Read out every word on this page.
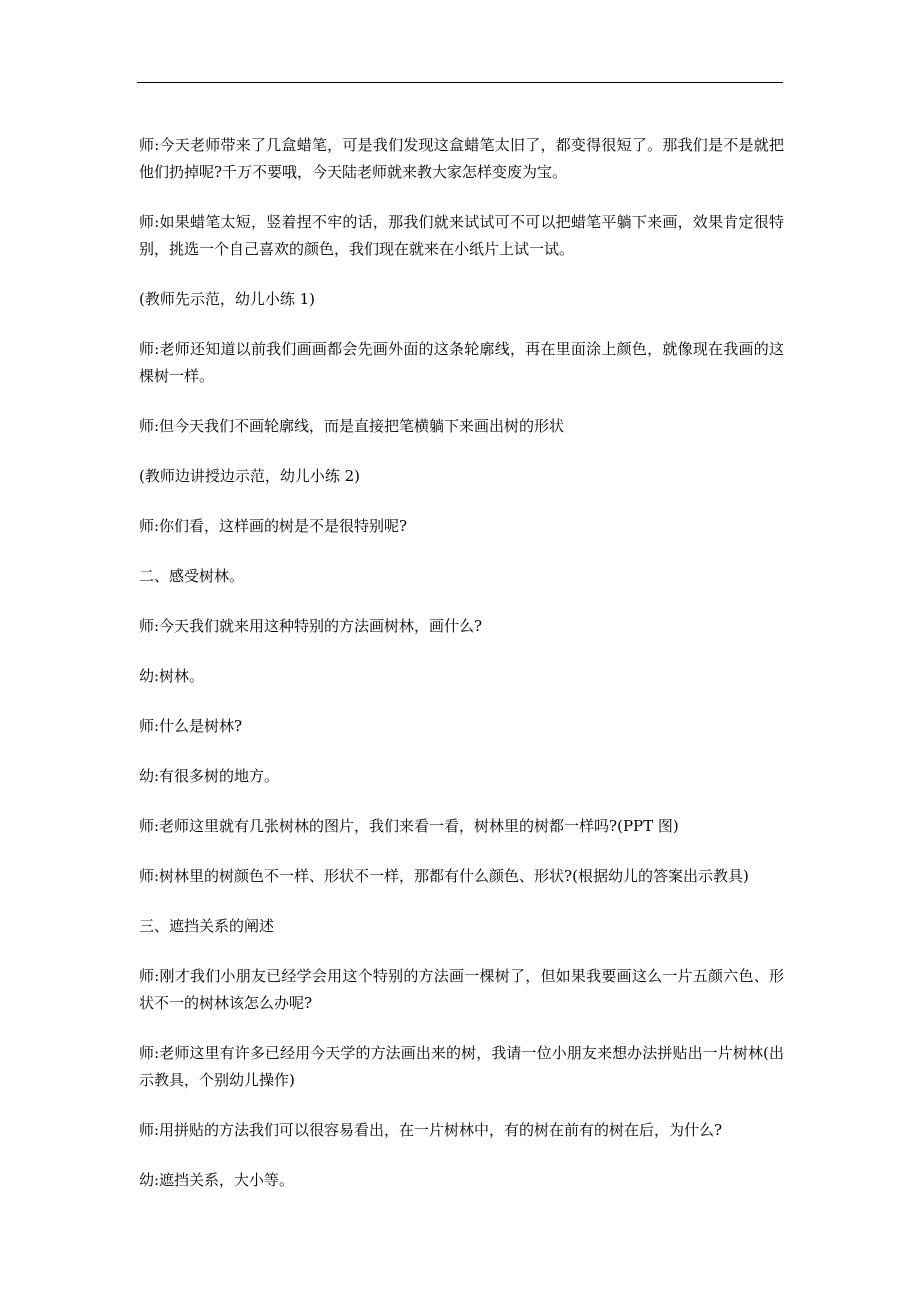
师:今天老师带来了几盒蜡笔，可是我们发现这盒蜡笔太旧了，都变得很短了。那我们是不是就把他们扔掉呢?千万不要哦，今天陆老师就来教大家怎样变废为宝。

师:如果蜡笔太短，竖着捏不牢的话，那我们就来试试可不可以把蜡笔平躺下来画，效果肯定很特别，挑选一个自己喜欢的颜色，我们现在就来在小纸片上试一试。

(教师先示范，幼儿小练 1)

师:老师还知道以前我们画画都会先画外面的这条轮廓线，再在里面涂上颜色，就像现在我画的这棵树一样。

师:但今天我们不画轮廓线，而是直接把笔横躺下来画出树的形状

(教师边讲授边示范，幼儿小练 2)

师:你们看，这样画的树是不是很特别呢?

二、感受树林。

师:今天我们就来用这种特别的方法画树林，画什么?

幼:树林。

师:什么是树林?

幼:有很多树的地方。

师:老师这里就有几张树林的图片，我们来看一看，树林里的树都一样吗?(PPT 图)

师:树林里的树颜色不一样、形状不一样，那都有什么颜色、形状?(根据幼儿的答案出示教具)

三、遮挡关系的阐述

师:刚才我们小朋友已经学会用这个特别的方法画一棵树了，但如果我要画这么一片五颜六色、形状不一的树林该怎么办呢?

师:老师这里有许多已经用今天学的方法画出来的树，我请一位小朋友来想办法拼贴出一片树林(出示教具，个别幼儿操作)

师:用拼贴的方法我们可以很容易看出，在一片树林中，有的树在前有的树在后，为什么?

幼:遮挡关系，大小等。
